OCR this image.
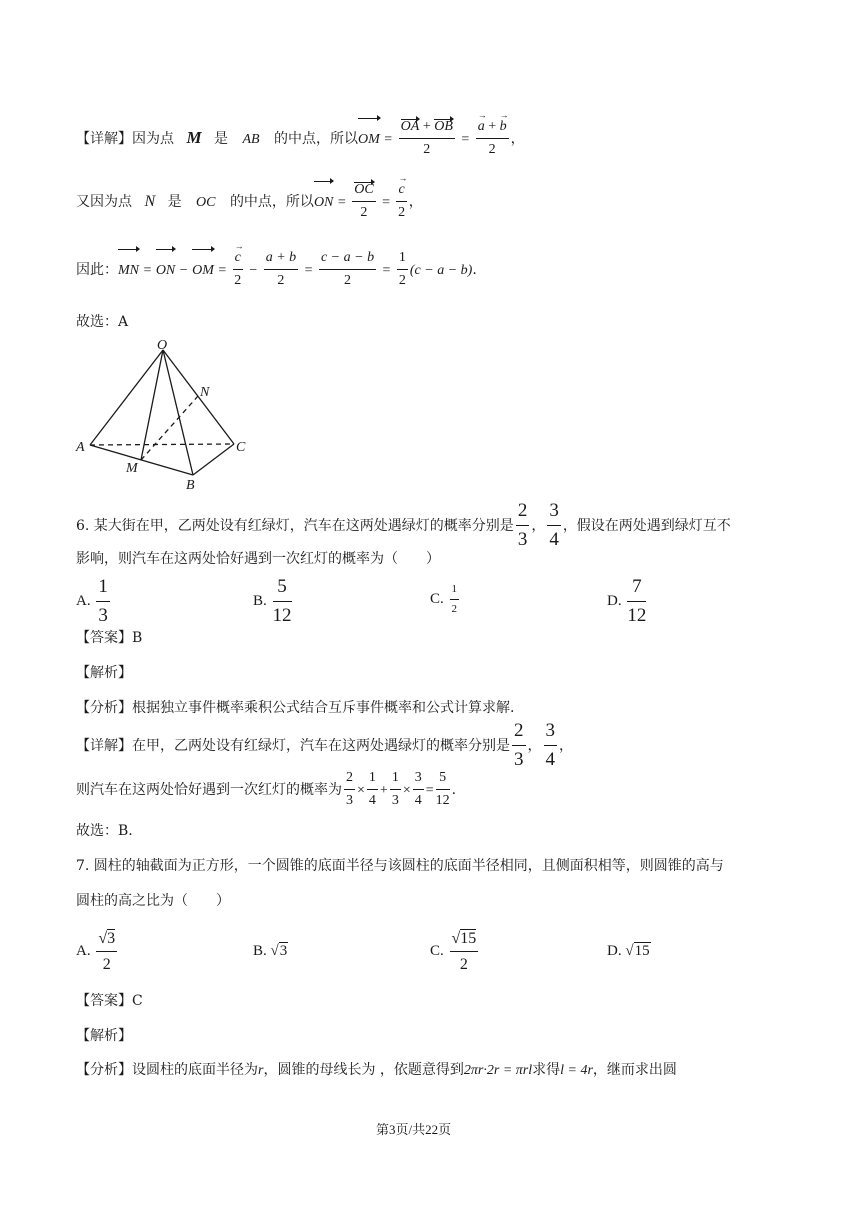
【详解】因为点 M 是 AB 的中点，所以OM = $\frac{OA + OB}{2} = \frac{a \to + b \to}{2}$ ，
又因为点 N 是 OC 的中点，所以ON = $\frac{OC}{2} = \frac{c \to}{2}$ ，
因此：MN = ON − OM = $\frac{c \to}{2} - \frac{a + b}{2} = \frac{c - a - b}{2} = \frac{1}{2} (c - a - b)$.
故选：A
O
N
A	C
M
B
6. 某大街在甲，乙两处设有红绿灯，汽车在这两处遇绿灯的概率分别是 $\frac{2}{3}$ ， $\frac{3}{4}$ ，假设在两处遇到绿灯互不
影响，则汽车在这两处恰好遇到一次红灯的概率为（　　）
A. $\frac{1}{3}$	B. $\frac{5}{12}$	C. $\frac{1}{2}$	D. $\frac{7}{12}$
【答案】B
【解析】
【分析】根据独立事件概率乘积公式结合互斥事件概率和公式计算求解.
【详解】在甲，乙两处设有红绿灯，汽车在这两处遇绿灯的概率分别是 $\frac{2}{3}$ ， $\frac{3}{4}$ ，
则汽车在这两处恰好遇到一次红灯的概率为 $\frac{2}{3} \times \frac{1}{4} + \frac{1}{3} \times \frac{3}{4} = \frac{5}{12}$ .
故选：B.
7. 圆柱的轴截面为正方形，一个圆锥的底面半径与该圆柱的底面半径相同，且侧面积相等，则圆锥的高与
圆柱的高之比为（　　）
A. $\frac{√3}{2}$	B. √3	C. $\frac{√15}{2}$	D. √15
【答案】C
【解析】
【分析】设圆柱的底面半径为r，圆锥的母线长为 ，依题意得到2πr·2r = πrl求得l = 4r，继而求出圆
第3页/共22页
